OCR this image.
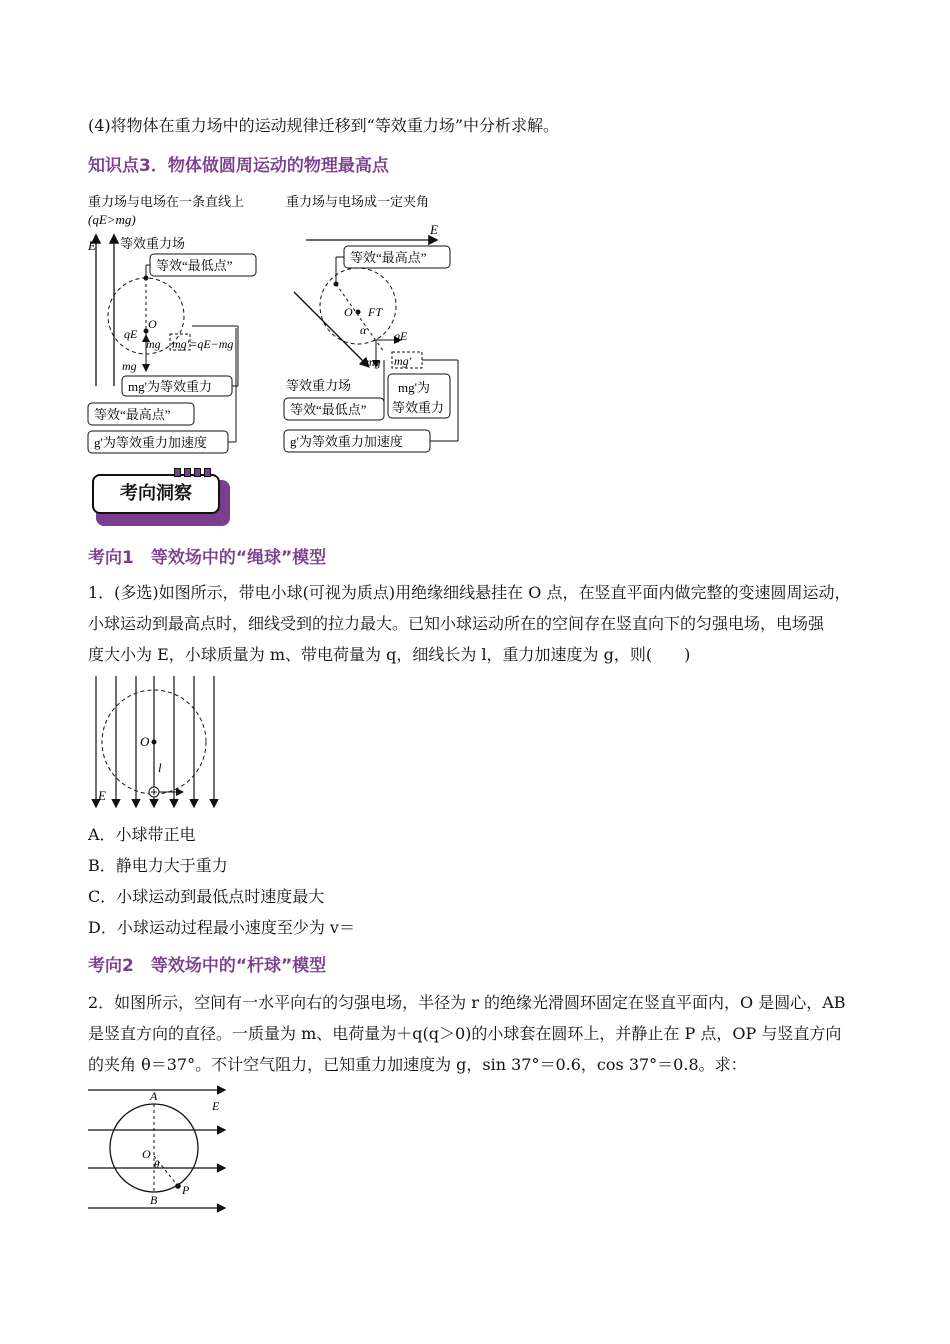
(4)将物体在重力场中的运动规律迁移到“等效重力场”中分析求解。
知识点3．物体做圆周运动的物理最高点
重力场与电场在一条直线上
(qE>mg)
E 等效重力场
等效“最低点”
O
qE
mg'=qE−mg
mg
mg
mg'为等效重力
等效“最高点”
g'为等效重力加速度
重力场与电场成一定夹角
E
等效“最高点”
O FT
α qE
mg mg'
等效重力场	mg'为
等效重力
等效“最低点”
g'为等效重力加速度
考向洞察
考向1　等效场中的“绳球”模型
1．(多选)如图所示，带电小球(可视为质点)用绝缘细线悬挂在 O 点，在竖直平面内做完整的变速圆周运动，
小球运动到最高点时，细线受到的拉力最大。已知小球运动所在的空间存在竖直向下的匀强电场，电场强
度大小为 E，小球质量为 m、带电荷量为 q，细线长为 l，重力加速度为 g，则(　　)
O
l
E
A．小球带正电
B．静电力大于重力
C．小球运动到最低点时速度最大
D．小球运动过程最小速度至少为 v＝
考向2　等效场中的“杆球”模型
2．如图所示，空间有一水平向右的匀强电场，半径为 r 的绝缘光滑圆环固定在竖直平面内，O 是圆心，AB
是竖直方向的直径。一质量为 m、电荷量为＋q(q＞0)的小球套在圆环上，并静止在 P 点，OP 与竖直方向
的夹角 θ＝37°。不计空气阻力，已知重力加速度为 g，sin 37°＝0.6，cos 37°＝0.8。求：
A
B
O
θ
P
E
